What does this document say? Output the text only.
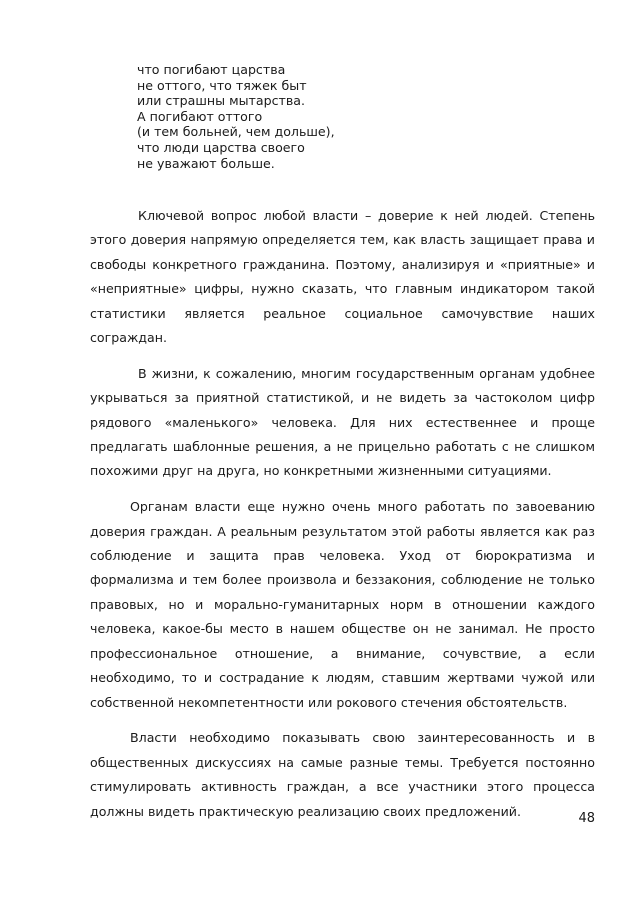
что погибают царства
не оттого, что тяжек быт
или страшны мытарства.
А погибают оттого
(и тем больней, чем дольше),
что люди царства своего
не уважают больше.

Ключевой вопрос любой власти – доверие к ней людей. Степень этого доверия напрямую определяется тем, как власть защищает права и свободы конкретного гражданина. Поэтому, анализируя и «приятные» и «неприятные» цифры, нужно сказать, что главным индикатором такой статистики является реальное социальное самочувствие наших сограждан.

В жизни, к сожалению, многим государственным органам удобнее укрываться за приятной статистикой, и не видеть за частоколом цифр рядового «маленького» человека. Для них естественнее и проще предлагать шаблонные решения, а не прицельно работать с не слишком похожими друг на друга, но конкретными жизненными ситуациями.

Органам власти еще нужно очень много работать по завоеванию доверия граждан. А реальным результатом этой работы является как раз соблюдение и защита прав человека. Уход от бюрократизма и формализма и тем более произвола и беззакония, соблюдение не только правовых, но и морально-гуманитарных норм в отношении каждого человека, какое-бы место в нашем обществе он не занимал. Не просто профессиональное отношение, а внимание, сочувствие, а если необходимо, то и сострадание к людям, ставшим жертвами чужой или собственной некомпетентности или рокового стечения обстоятельств.

Власти необходимо показывать свою заинтересованность и в общественных дискуссиях на самые разные темы. Требуется постоянно стимулировать активность граждан, а все участники этого процесса должны видеть практическую реализацию своих предложений.	48
